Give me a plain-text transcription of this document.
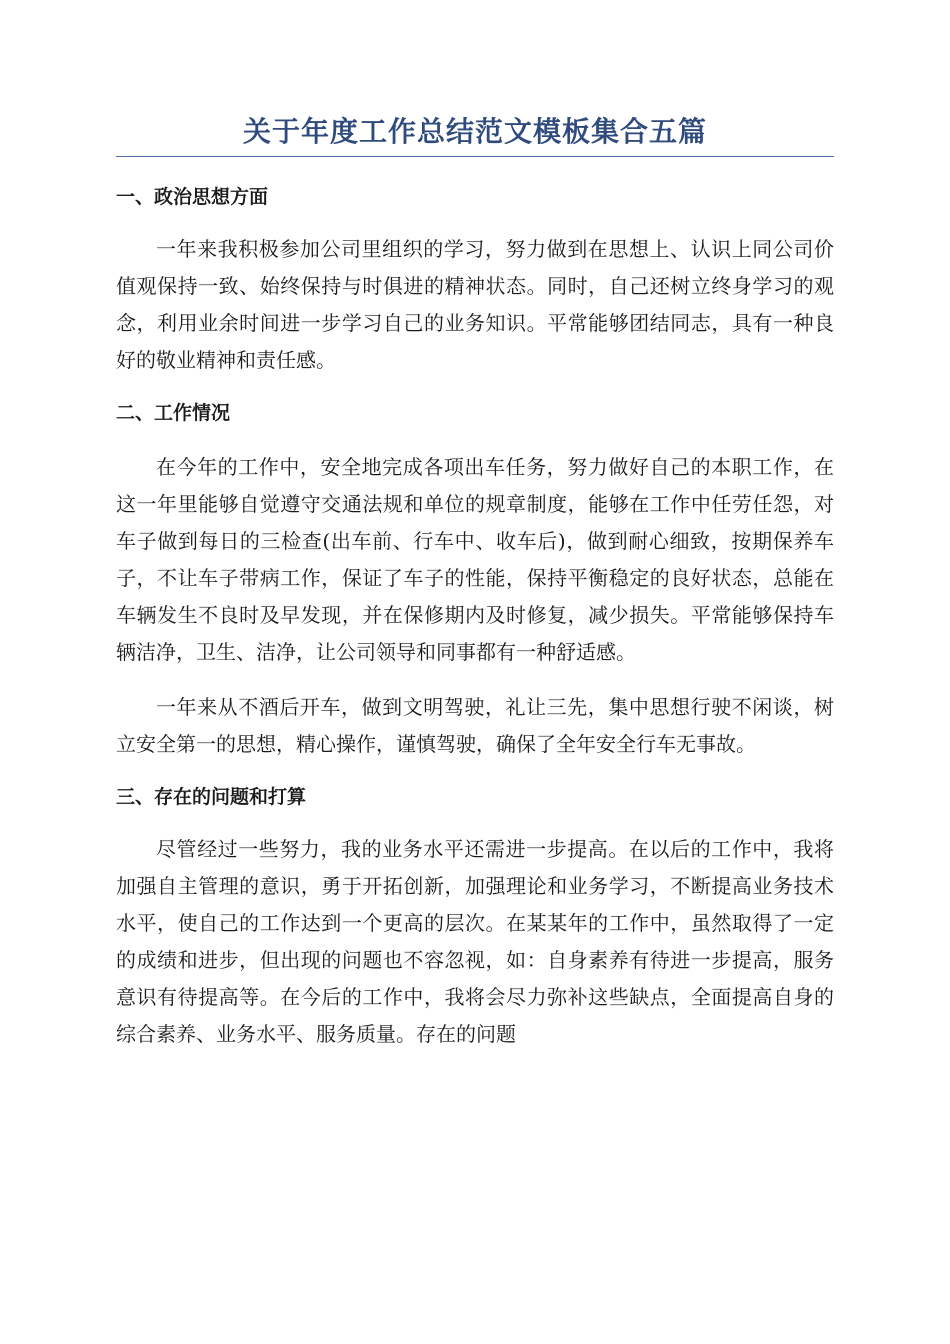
关于年度工作总结范文模板集合五篇
一、政治思想方面

一年来我积极参加公司里组织的学习，努力做到在思想上、认识上同公司价值观保持一致、始终保持与时俱进的精神状态。同时，自己还树立终身学习的观念，利用业余时间进一步学习自己的业务知识。平常能够团结同志，具有一种良好的敬业精神和责任感。

二、工作情况

在今年的工作中，安全地完成各项出车任务，努力做好自己的本职工作，在这一年里能够自觉遵守交通法规和单位的规章制度，能够在工作中任劳任怨，对车子做到每日的三检查(出车前、行车中、收车后)，做到耐心细致，按期保养车子，不让车子带病工作，保证了车子的性能，保持平衡稳定的良好状态，总能在车辆发生不良时及早发现，并在保修期内及时修复，减少损失。平常能够保持车辆洁净，卫生、洁净，让公司领导和同事都有一种舒适感。

一年来从不酒后开车，做到文明驾驶，礼让三先，集中思想行驶不闲谈，树立安全第一的思想，精心操作，谨慎驾驶，确保了全年安全行车无事故。

三、存在的问题和打算

尽管经过一些努力，我的业务水平还需进一步提高。在以后的工作中，我将加强自主管理的意识，勇于开拓创新，加强理论和业务学习，不断提高业务技术水平，使自己的工作达到一个更高的层次。在某某年的工作中，虽然取得了一定的成绩和进步，但出现的问题也不容忽视，如：自身素养有待进一步提高，服务意识有待提高等。在今后的工作中，我将会尽力弥补这些缺点，全面提高自身的综合素养、业务水平、服务质量。存在的问题
